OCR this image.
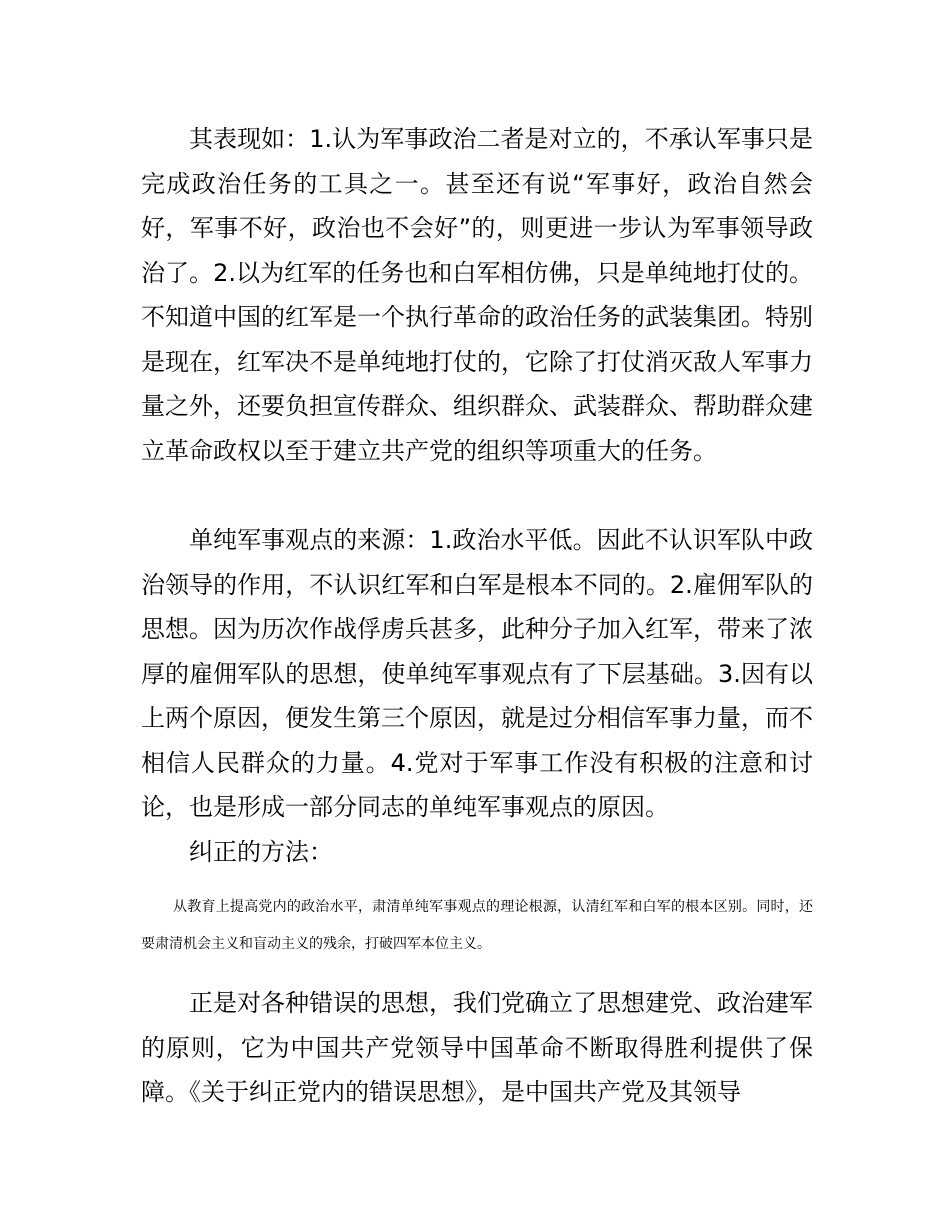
其表现如：1.认为军事政治二者是对立的，不承认军事只是完成政治任务的工具之一。甚至还有说“军事好，政治自然会好，军事不好，政治也不会好”的，则更进一步认为军事领导政治了。2.以为红军的任务也和白军相仿佛，只是单纯地打仗的。不知道中国的红军是一个执行革命的政治任务的武装集团。特别是现在，红军决不是单纯地打仗的，它除了打仗消灭敌人军事力量之外，还要负担宣传群众、组织群众、武装群众、帮助群众建立革命政权以至于建立共产党的组织等项重大的任务。

单纯军事观点的来源：1.政治水平低。因此不认识军队中政治领导的作用，不认识红军和白军是根本不同的。2.雇佣军队的思想。因为历次作战俘虏兵甚多，此种分子加入红军，带来了浓厚的雇佣军队的思想，使单纯军事观点有了下层基础。3.因有以上两个原因，便发生第三个原因，就是过分相信军事力量，而不相信人民群众的力量。4.党对于军事工作没有积极的注意和讨论，也是形成一部分同志的单纯军事观点的原因。

纠正的方法：

从教育上提高党内的政治水平，肃清单纯军事观点的理论根源，认清红军和白军的根本区别。同时，还要肃清机会主义和盲动主义的残余，打破四军本位主义。

正是对各种错误的思想，我们党确立了思想建党、政治建军的原则，它为中国共产党领导中国革命不断取得胜利提供了保障。《关于纠正党内的错误思想》，是中国共产党及其领导
